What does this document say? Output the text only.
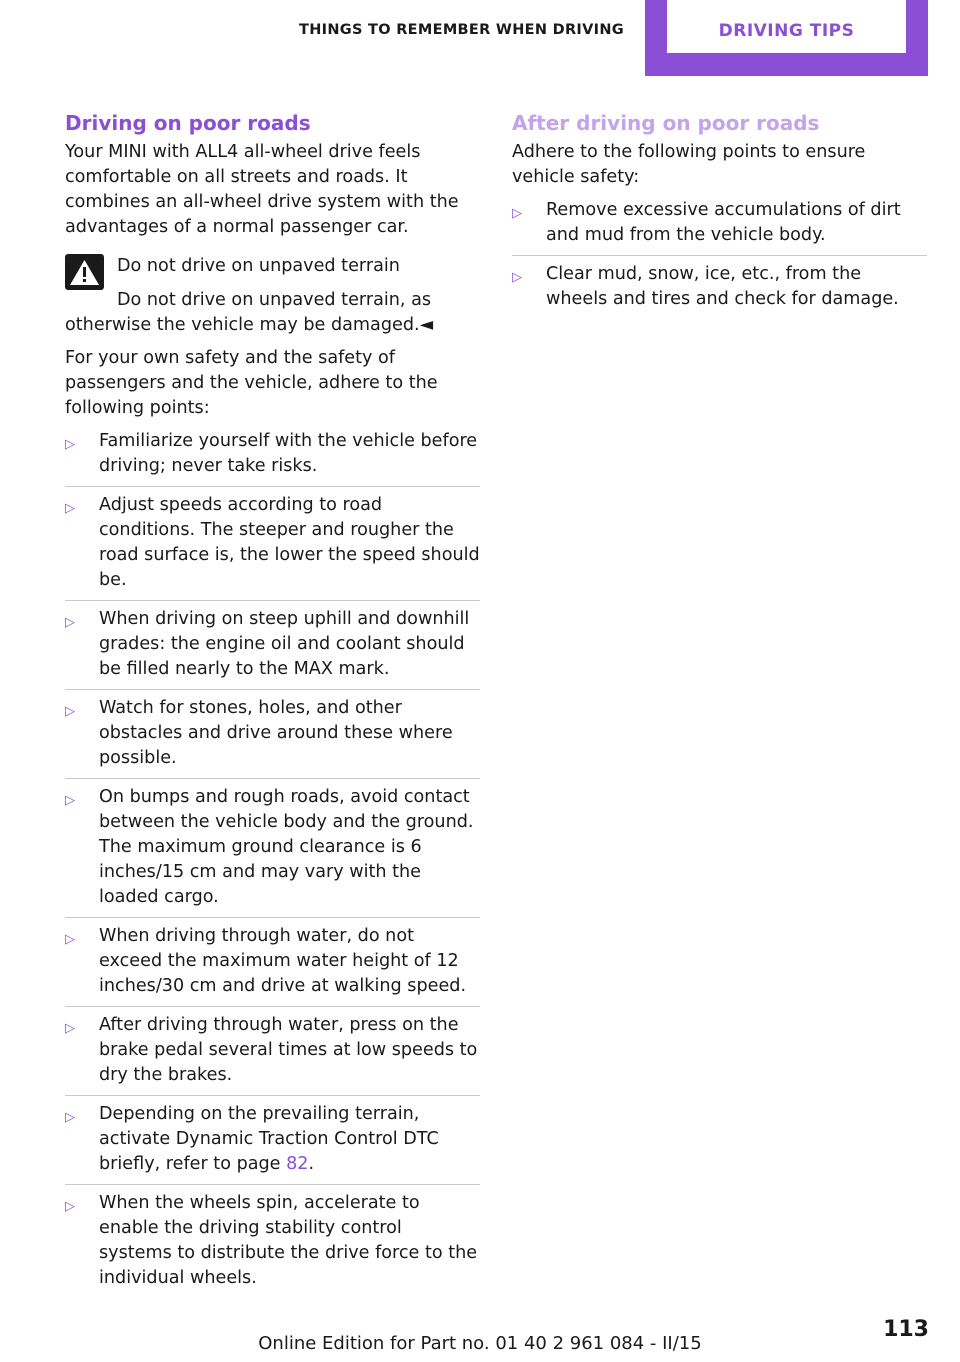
THINGS TO REMEMBER WHEN DRIVING	DRIVING TIPS
Driving on poor roads

Your MINI with ALL4 all-wheel drive feels comfortable on all streets and roads. It combines an all-wheel drive system with the advantages of a normal passenger car.

Do not drive on unpaved terrain
Do not drive on unpaved terrain, as otherwise the vehicle may be damaged.◄

For your own safety and the safety of passengers and the vehicle, adhere to the following points:

▷	Familiarize yourself with the vehicle before driving; never take risks.
▷	Adjust speeds according to road conditions. The steeper and rougher the road surface is, the lower the speed should be.
▷	When driving on steep uphill and downhill grades: the engine oil and coolant should be filled nearly to the MAX mark.
▷	Watch for stones, holes, and other obstacles and drive around these where possible.
▷	On bumps and rough roads, avoid contact between the vehicle body and the ground. The maximum ground clearance is 6 inches/15 cm and may vary with the loaded cargo.
▷	When driving through water, do not exceed the maximum water height of 12 inches/30 cm and drive at walking speed.
▷	After driving through water, press on the brake pedal several times at low speeds to dry the brakes.
▷	Depending on the prevailing terrain, activate Dynamic Traction Control DTC briefly, refer to page 82.
▷	When the wheels spin, accelerate to enable the driving stability control systems to distribute the drive force to the individual wheels.
After driving on poor roads

Adhere to the following points to ensure vehicle safety:

▷	Remove excessive accumulations of dirt and mud from the vehicle body.
▷	Clear mud, snow, ice, etc., from the wheels and tires and check for damage.
113
Online Edition for Part no. 01 40 2 961 084 - II/15
